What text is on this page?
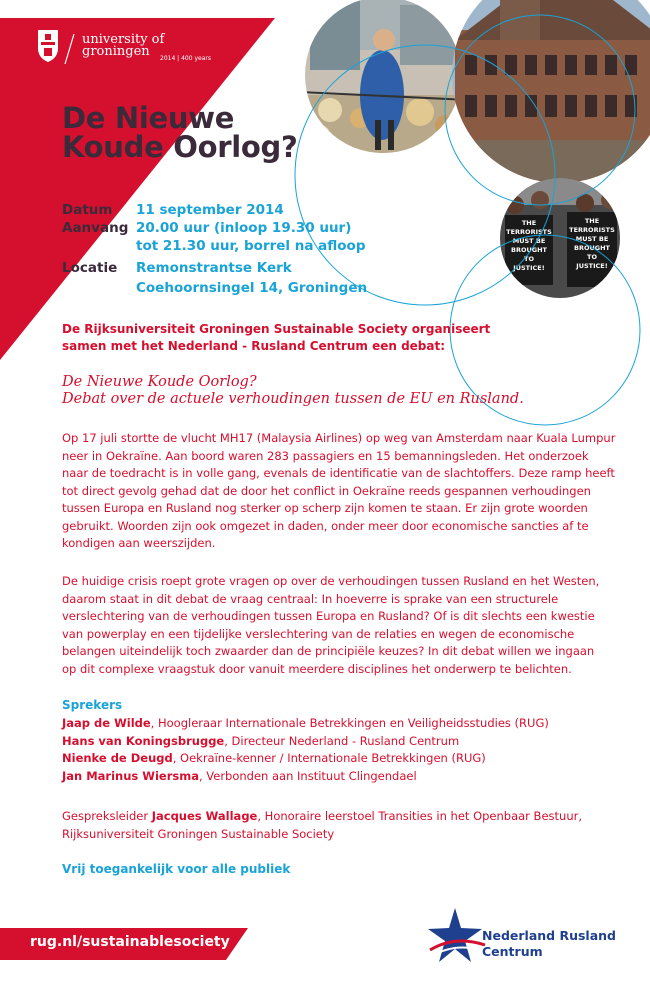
THE
TERRORISTS
MUST BE
BROUGHT
TO
JUSTICE!
THE
TERRORISTS
MUST BE
BROUGHT
TO
JUSTICE!
university of
groningen	2014 | 400 years
De Nieuwe
Koude Oorlog?
Datum 11 september 2014
Aanvang 20.00 uur (inloop 19.30 uur)
tot 21.30 uur, borrel na afloop
Locatie Remonstrantse Kerk
Coehoornsingel 14, Groningen
De Rijksuniversiteit Groningen Sustainable Society organiseert
samen met het Nederland - Rusland Centrum een debat:
De Nieuwe Koude Oorlog?
Debat over de actuele verhoudingen tussen de EU en Rusland.
Op 17 juli stortte de vlucht MH17 (Malaysia Airlines) op weg van Amsterdam naar Kuala Lumpur
neer in Oekraïne. Aan boord waren 283 passagiers en 15 bemanningsleden. Het onderzoek
naar de toedracht is in volle gang, evenals de identificatie van de slachtoffers. Deze ramp heeft
tot direct gevolg gehad dat de door het conflict in Oekraïne reeds gespannen verhoudingen
tussen Europa en Rusland nog sterker op scherp zijn komen te staan. Er zijn grote woorden
gebruikt. Woorden zijn ook omgezet in daden, onder meer door economische sancties af te
kondigen aan weerszijden.
De huidige crisis roept grote vragen op over de verhoudingen tussen Rusland en het Westen,
daarom staat in dit debat de vraag centraal: In hoeverre is sprake van een structurele
verslechtering van de verhoudingen tussen Europa en Rusland? Of is dit slechts een kwestie
van powerplay en een tijdelijke verslechtering van de relaties en wegen de economische
belangen uiteindelijk toch zwaarder dan de principiële keuzes? In dit debat willen we ingaan
op dit complexe vraagstuk door vanuit meerdere disciplines het onderwerp te belichten.
Sprekers
Jaap de Wilde, Hoogleraar Internationale Betrekkingen en Veiligheidsstudies (RUG)
Hans van Koningsbrugge, Directeur Nederland - Rusland Centrum
Nienke de Deugd, Oekraïne-kenner / Internationale Betrekkingen (RUG)
Jan Marinus Wiersma, Verbonden aan Instituut Clingendael
Gespreksleider Jacques Wallage, Honoraire leerstoel Transities in het Openbaar Bestuur,
Rijksuniversiteit Groningen Sustainable Society
Vrij toegankelijk voor alle publiek
rug.nl/sustainablesociety	Nederland Rusland
Centrum
